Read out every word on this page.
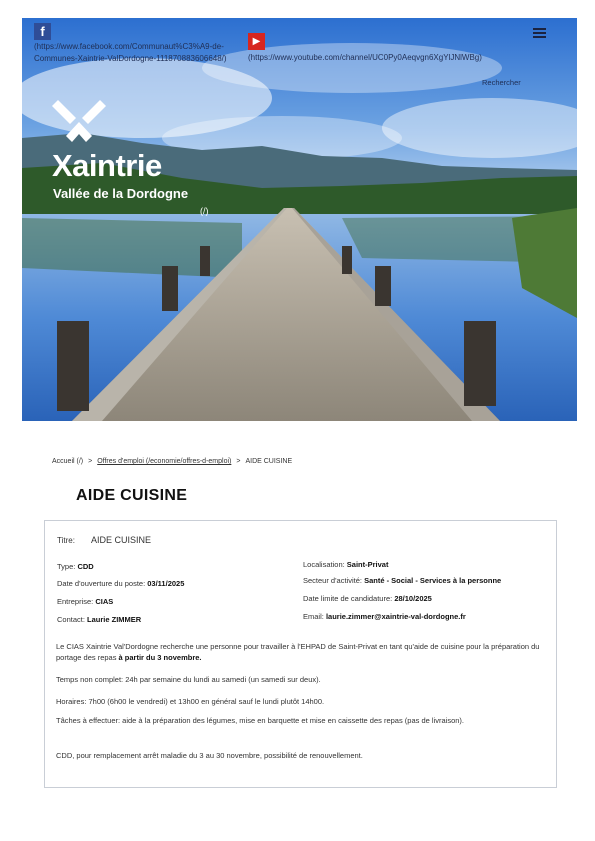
f
(https://www.facebook.com/Communaut%C3%A9-de-Communes-Xaintrie-ValDordogne-111870883606648/)
▶
(https://www.youtube.com/channel/UC0Py0Aeqvgn6XgYlJNlWBg)
Rechercher
Xaintrie
Vallée de la Dordogne
(/)
Accueil (/) > Offres d'emploi (/economie/offres-d-emploi) > AIDE CUISINE
AIDE CUISINE
Titre: AIDE CUISINE
Type: CDD
Date d'ouverture du poste: 03/11/2025
Entreprise: CIAS
Contact: Laurie ZIMMER
Localisation: Saint-Privat
Secteur d'activité: Santé - Social - Services à la personne
Date limite de candidature: 28/10/2025
Email: laurie.zimmer@xaintrie-val-dordogne.fr
Le CIAS Xaintrie Val'Dordogne recherche une personne pour travailler à l'EHPAD de Saint-Privat en tant qu'aide de cuisine pour la préparation du portage des repas à partir du 3 novembre.
Temps non complet: 24h par semaine du lundi au samedi (un samedi sur deux).
Horaires: 7h00 (6h00 le vendredi) et 13h00 en général sauf le lundi plutôt 14h00.
Tâches à effectuer: aide à la préparation des légumes, mise en barquette et mise en caissette des repas (pas de livraison).
CDD, pour remplacement arrêt maladie du 3 au 30 novembre, possibilité de renouvellement.
